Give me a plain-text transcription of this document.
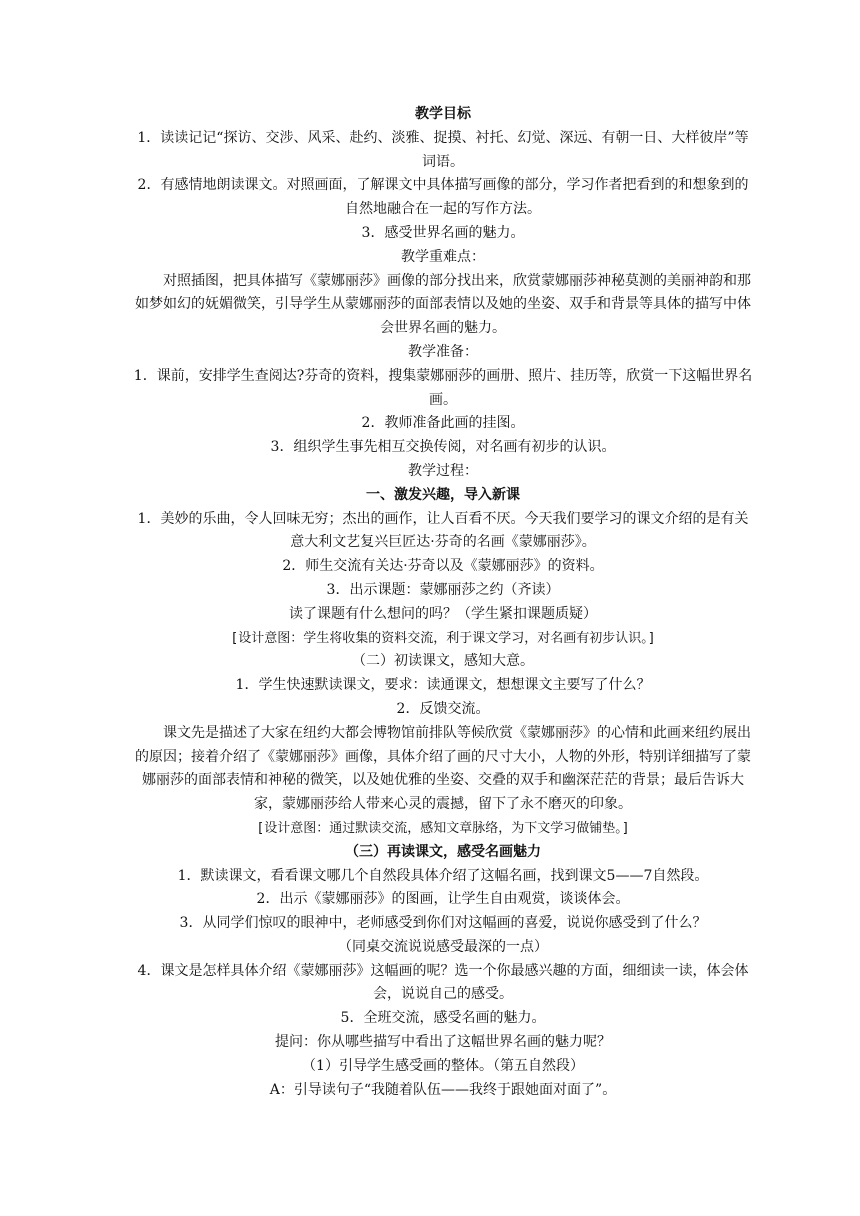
教学目标

1．读读记记“探访、交涉、风采、赴约、淡雅、捉摸、衬托、幻觉、深远、有朝一日、大样彼岸”等词语。

2．有感情地朗读课文。对照画面，了解课文中具体描写画像的部分，学习作者把看到的和想象到的自然地融合在一起的写作方法。

3．感受世界名画的魅力。

教学重难点：

对照插图，把具体描写《蒙娜丽莎》画像的部分找出来，欣赏蒙娜丽莎神秘莫测的美丽神韵和那如梦如幻的妩媚微笑，引导学生从蒙娜丽莎的面部表情以及她的坐姿、双手和背景等具体的描写中体会世界名画的魅力。

教学准备：

1．课前，安排学生查阅达?芬奇的资料，搜集蒙娜丽莎的画册、照片、挂历等，欣赏一下这幅世界名画。

2．教师准备此画的挂图。

3．组织学生事先相互交换传阅，对名画有初步的认识。

教学过程：

一、激发兴趣，导入新课

1．美妙的乐曲，令人回味无穷；杰出的画作，让人百看不厌。今天我们要学习的课文介绍的是有关意大利文艺复兴巨匠达·芬奇的名画《蒙娜丽莎》。

2．师生交流有关达·芬奇以及《蒙娜丽莎》的资料。

3．出示课题：蒙娜丽莎之约（齐读）

读了课题有什么想问的吗？（学生紧扣课题质疑）

[设计意图：学生将收集的资料交流，利于课文学习，对名画有初步认识。]

（二）初读课文，感知大意。

1．学生快速默读课文，要求：读通课文，想想课文主要写了什么？

2．反馈交流。

课文先是描述了大家在纽约大都会博物馆前排队等候欣赏《蒙娜丽莎》的心情和此画来纽约展出的原因；接着介绍了《蒙娜丽莎》画像，具体介绍了画的尺寸大小，人物的外形，特别详细描写了蒙娜丽莎的面部表情和神秘的微笑，以及她优雅的坐姿、交叠的双手和幽深茫茫的背景；最后告诉大家，蒙娜丽莎给人带来心灵的震撼，留下了永不磨灭的印象。

[设计意图：通过默读交流，感知文章脉络，为下文学习做铺垫。]

（三）再读课文，感受名画魅力

1．默读课文，看看课文哪几个自然段具体介绍了这幅名画，找到课文5——7自然段。

2．出示《蒙娜丽莎》的图画，让学生自由观赏，谈谈体会。

3．从同学们惊叹的眼神中，老师感受到你们对这幅画的喜爱，说说你感受到了什么？

（同桌交流说说感受最深的一点）

4．课文是怎样具体介绍《蒙娜丽莎》这幅画的呢？选一个你最感兴趣的方面，细细读一读，体会体会，说说自己的感受。

5．全班交流，感受名画的魅力。

提问：你从哪些描写中看出了这幅世界名画的魅力呢？

（1）引导学生感受画的整体。（第五自然段）

A：引导读句子“我随着队伍——我终于跟她面对面了”。
